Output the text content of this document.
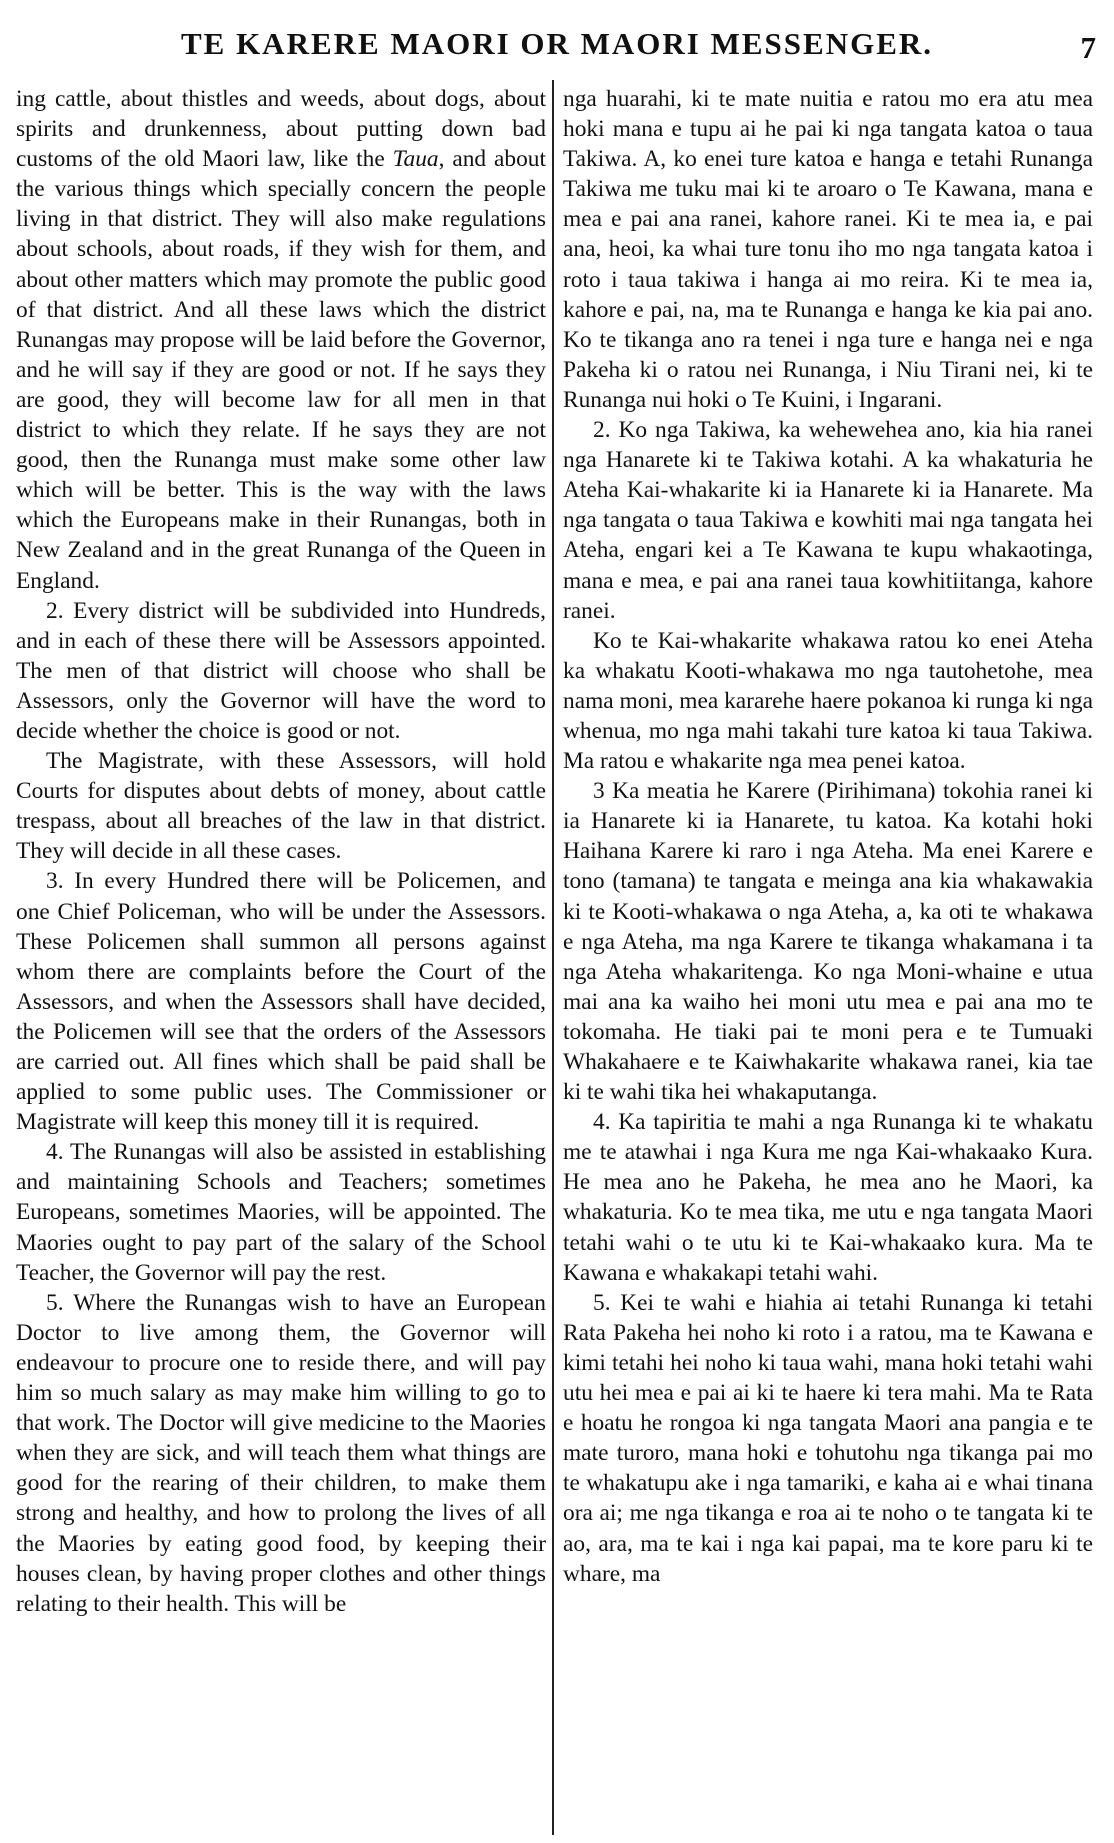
TE KARERE MAORI OR MAORI MESSENGER.	7

ing cattle, about thistles and weeds, about dogs, about spirits and drunkenness, about putting down bad customs of the old Maori law, like the Taua, and about the various things which specially concern the people living in that district. They will also make regulations about schools, about roads, if they wish for them, and about other matters which may promote the public good of that district. And all these laws which the district Runangas may propose will be laid before the Governor, and he will say if they are good or not. If he says they are good, they will become law for all men in that district to which they relate. If he says they are not good, then the Runanga must make some other law which will be better. This is the way with the laws which the Europeans make in their Runangas, both in New Zealand and in the great Runanga of the Queen in England.

2. Every district will be subdivided into Hundreds, and in each of these there will be Assessors appointed. The men of that district will choose who shall be Assessors, only the Governor will have the word to decide whether the choice is good or not.

The Magistrate, with these Assessors, will hold Courts for disputes about debts of money, about cattle trespass, about all breaches of the law in that district. They will decide in all these cases.

3. In every Hundred there will be Policemen, and one Chief Policeman, who will be under the Assessors. These Policemen shall summon all persons against whom there are complaints before the Court of the Assessors, and when the Assessors shall have decided, the Policemen will see that the orders of the Assessors are carried out. All fines which shall be paid shall be applied to some public uses. The Commissioner or Magistrate will keep this money till it is required.

4. The Runangas will also be assisted in establishing and maintaining Schools and Teachers; sometimes Europeans, sometimes Maories, will be appointed. The Maories ought to pay part of the salary of the School Teacher, the Governor will pay the rest.

5. Where the Runangas wish to have an European Doctor to live among them, the Governor will endeavour to procure one to reside there, and will pay him so much salary as may make him willing to go to that work. The Doctor will give medicine to the Maories when they are sick, and will teach them what things are good for the rearing of their children, to make them strong and healthy, and how to prolong the lives of all the Maories by eating good food, by keeping their houses clean, by having proper clothes and other things relating to their health. This will be

nga huarahi, ki te mate nuitia e ratou mo era atu mea hoki mana e tupu ai he pai ki nga tangata katoa o taua Takiwa. A, ko enei ture katoa e hanga e tetahi Runanga Takiwa me tuku mai ki te aroaro o Te Kawana, mana e mea e pai ana ranei, kahore ranei. Ki te mea ia, e pai ana, heoi, ka whai ture tonu iho mo nga tangata katoa i roto i taua takiwa i hanga ai mo reira. Ki te mea ia, kahore e pai, na, ma te Runanga e hanga ke kia pai ano. Ko te tikanga ano ra tenei i nga ture e hanga nei e nga Pakeha ki o ratou nei Runanga, i Niu Tirani nei, ki te Runanga nui hoki o Te Kuini, i Ingarani.

2. Ko nga Takiwa, ka wehewehea ano, kia hia ranei nga Hanarete ki te Takiwa kotahi. A ka whakaturia he Ateha Kai-whakarite ki ia Hanarete ki ia Hanarete. Ma nga tangata o taua Takiwa e kowhiti mai nga tangata hei Ateha, engari kei a Te Kawana te kupu whakaotinga, mana e mea, e pai ana ranei taua kowhitiitanga, kahore ranei.

Ko te Kai-whakarite whakawa ratou ko enei Ateha ka whakatu Kooti-whakawa mo nga tautohetohe, mea nama moni, mea kararehe haere pokanoa ki runga ki nga whenua, mo nga mahi takahi ture katoa ki taua Takiwa. Ma ratou e whakarite nga mea penei katoa.

3 Ka meatia he Karere (Pirihimana) tokohia ranei ki ia Hanarete ki ia Hanarete, tu katoa. Ka kotahi hoki Haihana Karere ki raro i nga Ateha. Ma enei Karere e tono (tamana) te tangata e meinga ana kia whakawakia ki te Kooti-whakawa o nga Ateha, a, ka oti te whakawa e nga Ateha, ma nga Karere te tikanga whakamana i ta nga Ateha whakaritenga. Ko nga Moni-whaine e utua mai ana ka waiho hei moni utu mea e pai ana mo te tokomaha. He tiaki pai te moni pera e te Tumuaki Whakahaere e te Kaiwhakarite whakawa ranei, kia tae ki te wahi tika hei whakaputanga.

4. Ka tapiritia te mahi a nga Runanga ki te whakatu me te atawhai i nga Kura me nga Kai-whakaako Kura. He mea ano he Pakeha, he mea ano he Maori, ka whakaturia. Ko te mea tika, me utu e nga tangata Maori tetahi wahi o te utu ki te Kai-whakaako kura. Ma te Kawana e whakakapi tetahi wahi.

5. Kei te wahi e hiahia ai tetahi Runanga ki tetahi Rata Pakeha hei noho ki roto i a ratou, ma te Kawana e kimi tetahi hei noho ki taua wahi, mana hoki tetahi wahi utu hei mea e pai ai ki te haere ki tera mahi. Ma te Rata e hoatu he rongoa ki nga tangata Maori ana pangia e te mate turoro, mana hoki e tohutohu nga tikanga pai mo te whakatupu ake i nga tamariki, e kaha ai e whai tinana ora ai; me nga tikanga e roa ai te noho o te tangata ki te ao, ara, ma te kai i nga kai papai, ma te kore paru ki te whare, ma
